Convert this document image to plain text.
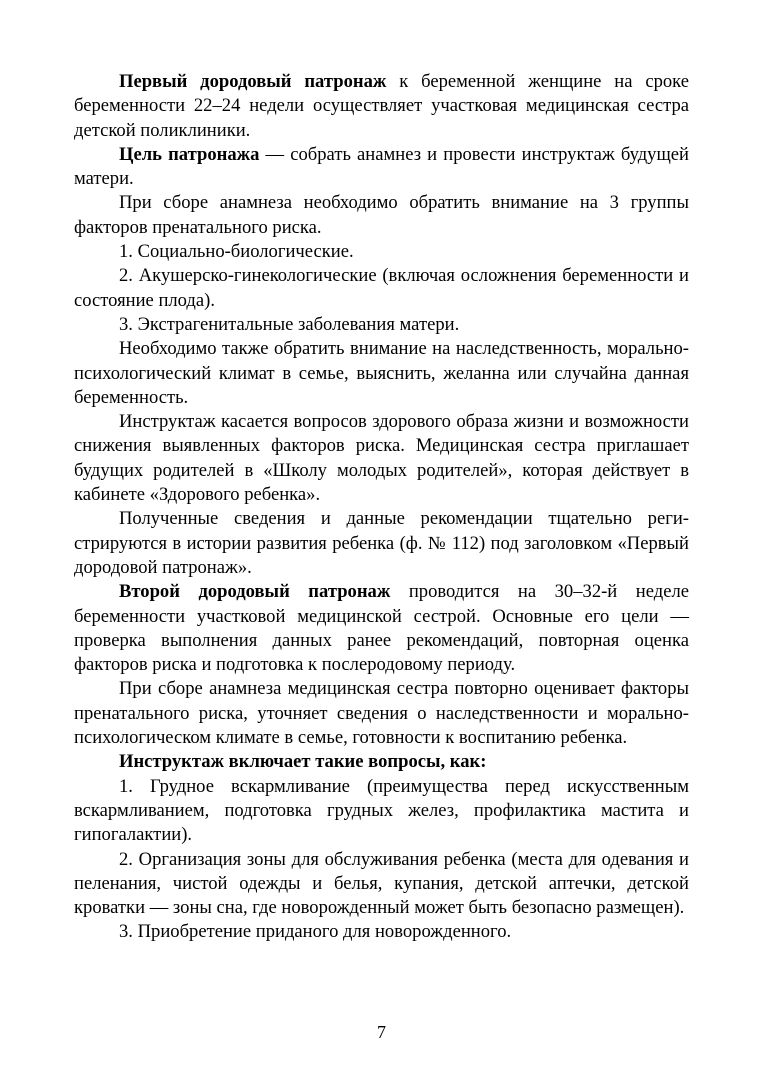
Первый дородовый патронаж к беременной женщине на сроке беременности 22–24 недели осуществляет участковая медицинская сестра детской поликлиники.

Цель патронажа — собрать анамнез и провести инструктаж будущей матери.

При сборе анамнеза необходимо обратить внимание на 3 группы факторов пренатального риска.

1. Социально-биологические.

2. Акушерско-гинекологические (включая осложнения беременности и состояние плода).

3. Экстрагенитальные заболевания матери.

Необходимо также обратить внимание на наследственность, морально-психологический климат в семье, выяснить, желанна или случайна данная беременность.

Инструктаж касается вопросов здорового образа жизни и возможности снижения выявленных факторов риска. Медицинская сестра приглашает будущих родителей в «Школу молодых родителей», которая действует в кабинете «Здорового ребенка».

Полученные сведения и данные рекомендации тщательно регистрируются в истории развития ребенка (ф. № 112) под заголовком «Первый дородовой патронаж».

Второй дородовый патронаж проводится на 30–32-й неделе беременности участковой медицинской сестрой. Основные его цели — проверка выполнения данных ранее рекомендаций, повторная оценка факторов риска и подготовка к послеродовому периоду.

При сборе анамнеза медицинская сестра повторно оценивает факторы пренатального риска, уточняет сведения о наследственности и морально-психологическом климате в семье, готовности к воспитанию ребенка.

Инструктаж включает такие вопросы, как:

1. Грудное вскармливание (преимущества перед искусственным вскармливанием, подготовка грудных желез, профилактика мастита и гипогалактии).

2. Организация зоны для обслуживания ребенка (места для одевания и пеленания, чистой одежды и белья, купания, детской аптечки, детской кроватки — зоны сна, где новорожденный может быть безопасно размещен).

3. Приобретение приданого для новорожденного.

7
